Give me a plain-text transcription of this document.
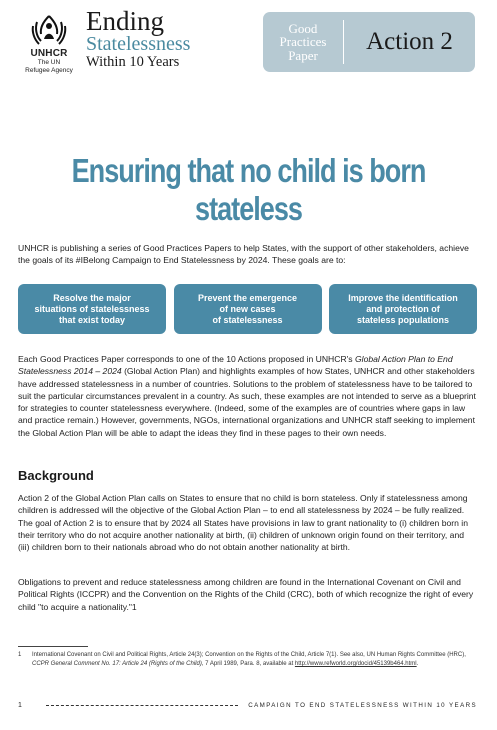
UNHCR
The UN
Refugee Agency
Ending
Statelessness
Within 10 Years
Good
Practices
Paper
Action 2
Ensuring that no child is born stateless

UNHCR is publishing a series of Good Practices Papers to help States, with the support of other stakeholders, achieve the goals of its #IBelong Campaign to End Statelessness by 2024. These goals are to:

Resolve the major
situations of statelessness
that exist today
Prevent the emergence
of new cases
of statelessness
Improve the identification
and protection of
stateless populations

Each Good Practices Paper corresponds to one of the 10 Actions proposed in UNHCR's Global Action Plan to End Statelessness 2014 – 2024 (Global Action Plan) and highlights examples of how States, UNHCR and other stakeholders have addressed statelessness in a number of countries. Solutions to the problem of statelessness have to be tailored to suit the particular circumstances prevalent in a country. As such, these examples are not intended to serve as a blueprint for strategies to counter statelessness everywhere. (Indeed, some of the examples are of countries where gaps in law and practice remain.) However, governments, NGOs, international organizations and UNHCR staff seeking to implement the Global Action Plan will be able to adapt the ideas they find in these pages to their own needs.

Background

Action 2 of the Global Action Plan calls on States to ensure that no child is born stateless. Only if statelessness among children is addressed will the objective of the Global Action Plan – to end all statelessness by 2024 – be fully realized. The goal of Action 2 is to ensure that by 2024 all States have provisions in law to grant nationality to (i) children born in their territory who do not acquire another nationality at birth, (ii) children of unknown origin found on their territory, and (iii) children born to their nationals abroad who do not obtain another nationality at birth.

Obligations to prevent and reduce statelessness among children are found in the International Covenant on Civil and Political Rights (ICCPR) and the Convention on the Rights of the Child (CRC), both of which recognize the right of every child "to acquire a nationality."1

1	International Covenant on Civil and Political Rights, Article 24(3); Convention on the Rights of the Child, Article 7(1). See also, UN Human Rights Committee (HRC), CCPR General Comment No. 17: Article 24 (Rights of the Child), 7 April 1989, Para. 8, available at http://www.refworld.org/docid/45139b464.html.
1	CAMPAIGN TO END STATELESSNESS WITHIN 10 YEARS
